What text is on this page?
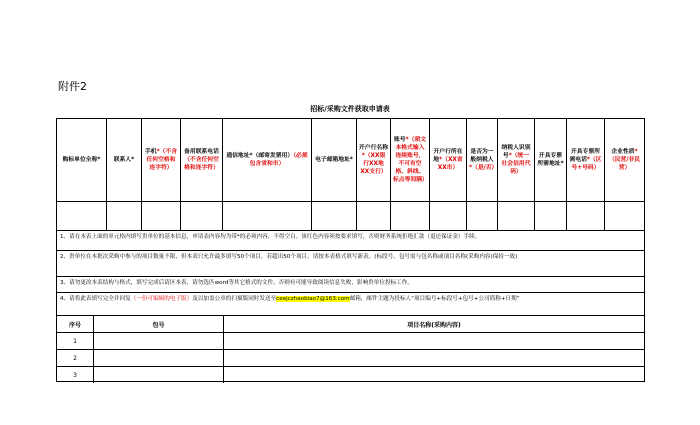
附件2
招标/采购文件获取申请表
购标单位全称* 联系人*
手机*（不含任何空格和连字符）
备用联系电话（不含任何空格和连字符）
通信地址*（邮寄发票用）（必须包含省和市）
电子邮箱地址*
开户行名称*（XX银行XX地XX支行）
账号*（须文本格式输入连续账号，不可有空格、斜线、标点等间隔）
开户行所在地*（XX省XX市）
是否为一般纳税人*（是/否）
纳税人识别号*（统一社会信用代码）
开具专票所需地址*
开具专票所需电话*（区号+号码）
企业性质*（民营/非民营）
1、请在本表上面的单元格内填写贵单位的基本信息，申请表内容均为带*的必须内容，不得空白。该红色内容须按要求填写，否则财务系统拒绝汇款（退还保证金）手续。
2、贵单位在本批次采购中参与的项目数量不限，但本表只允许最多填写50个项目，若超出50个项目，请按本表格式填写新表。(标段号、包号需与包名称或项目名称(采购内容)保持一致)
3、请勿更改本表结构与格式，填写完成后请区本表，请勿选匹word等其它格式的文件，否则有可能导致阅读信息失败，影响贵单位投标工作。
4、请将此表填写完全并回复（一份可编辑的电子版）及以加盖公章的扫描版同时发送至ceejczhaobiao7@163.com邮箱，邮件主题为投标人“项目编号+标段号+包号+公司简称+日期”
序号	包号	项目名称(采购内容)
1
2
3
